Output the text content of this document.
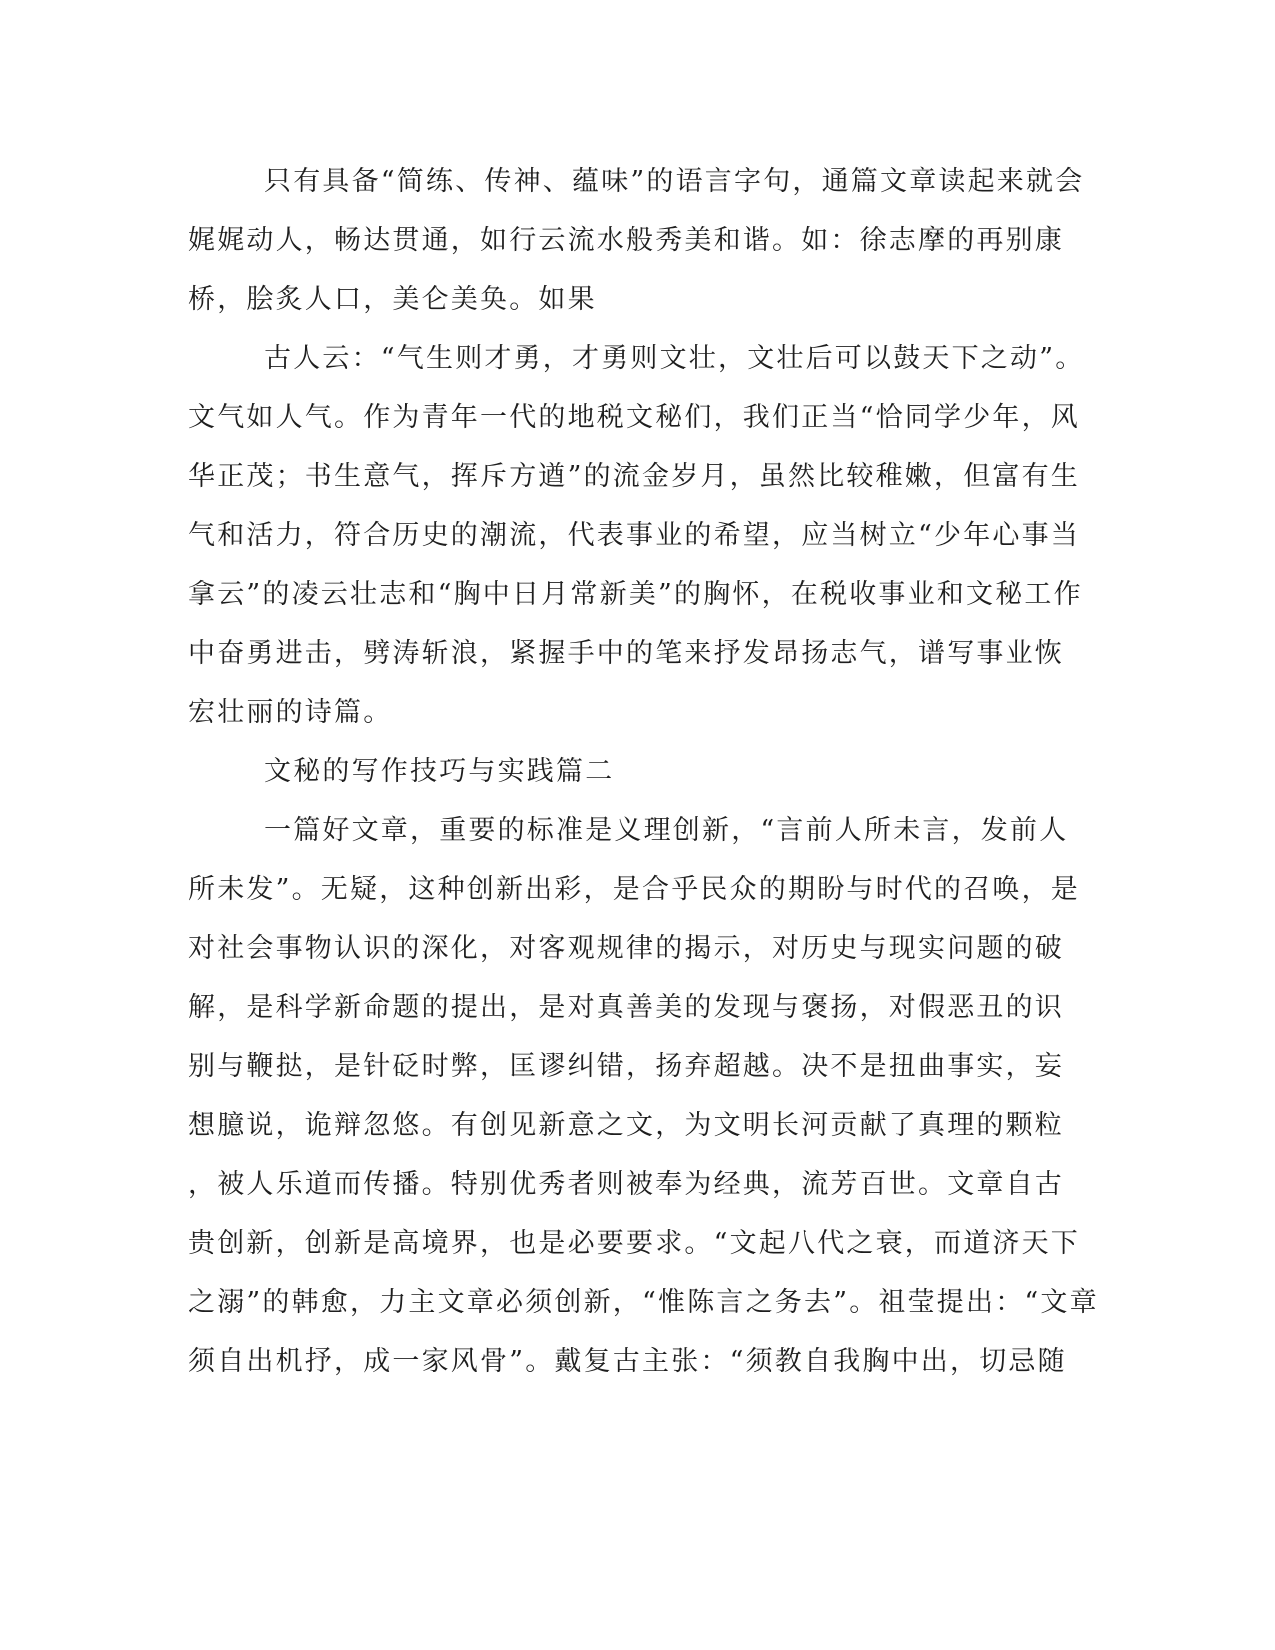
只有具备“简练、传神、蕴味”的语言字句，通篇文章读起来就会

娓娓动人，畅达贯通，如行云流水般秀美和谐。如：徐志摩的再别康

桥，脍炙人口，美仑美奂。如果

古人云：“气生则才勇，才勇则文壮，文壮后可以鼓天下之动”。

文气如人气。作为青年一代的地税文秘们，我们正当“恰同学少年，风

华正茂；书生意气，挥斥方遒”的流金岁月，虽然比较稚嫩，但富有生

气和活力，符合历史的潮流，代表事业的希望，应当树立“少年心事当

拿云”的凌云壮志和“胸中日月常新美”的胸怀，在税收事业和文秘工作

中奋勇进击，劈涛斩浪，紧握手中的笔来抒发昂扬志气，谱写事业恢

宏壮丽的诗篇。

文秘的写作技巧与实践篇二

一篇好文章，重要的标准是义理创新，“言前人所未言，发前人

所未发”。无疑，这种创新出彩，是合乎民众的期盼与时代的召唤，是

对社会事物认识的深化，对客观规律的揭示，对历史与现实问题的破

解，是科学新命题的提出，是对真善美的发现与褒扬，对假恶丑的识

别与鞭挞，是针砭时弊，匡谬纠错，扬弃超越。决不是扭曲事实，妄

想臆说，诡辩忽悠。有创见新意之文，为文明长河贡献了真理的颗粒

，被人乐道而传播。特别优秀者则被奉为经典，流芳百世。文章自古

贵创新，创新是高境界，也是必要要求。“文起八代之衰，而道济天下

之溺”的韩愈，力主文章必须创新，“惟陈言之务去”。祖莹提出：“文章

须自出机抒，成一家风骨”。戴复古主张：“须教自我胸中出，切忌随
